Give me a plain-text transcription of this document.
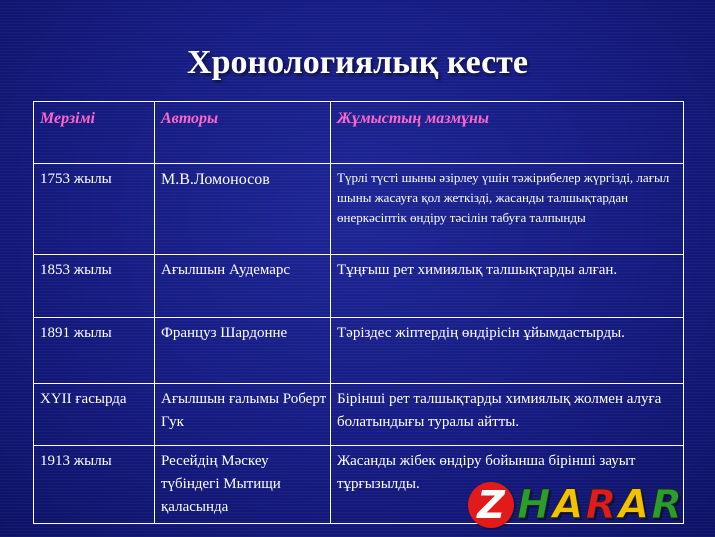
Хронологиялық кесте
Мерзімі	Авторы	Жұмыстың мазмұны
1753 жылы	М.В.Ломоносов	Түрлі түсті шыны әзірлеу үшін тәжірибелер жүргізді, лағыл шыны жасауға қол жеткізді, жасанды талшықтардан өнеркәсіптік өндіру тәсілін табуға талпынды
1853 жылы	Ағылшын Аудемарс	Тұңғыш рет химиялық талшықтарды алған.
1891 жылы	Француз Шардонне	Тәріздес жіптердің өндірісін ұйымдастырды.
XYII ғасырда	Ағылшын ғалымы Роберт Гук	Бірінші рет талшықтарды химиялық жолмен алуға болатындығы туралы айтты.
1913 жылы	Ресейдің Мәскеу түбіндегі Мытищи қаласында	Жасанды жібек өндіру бойынша бірінші зауыт тұрғызылды. Z H A R A R
